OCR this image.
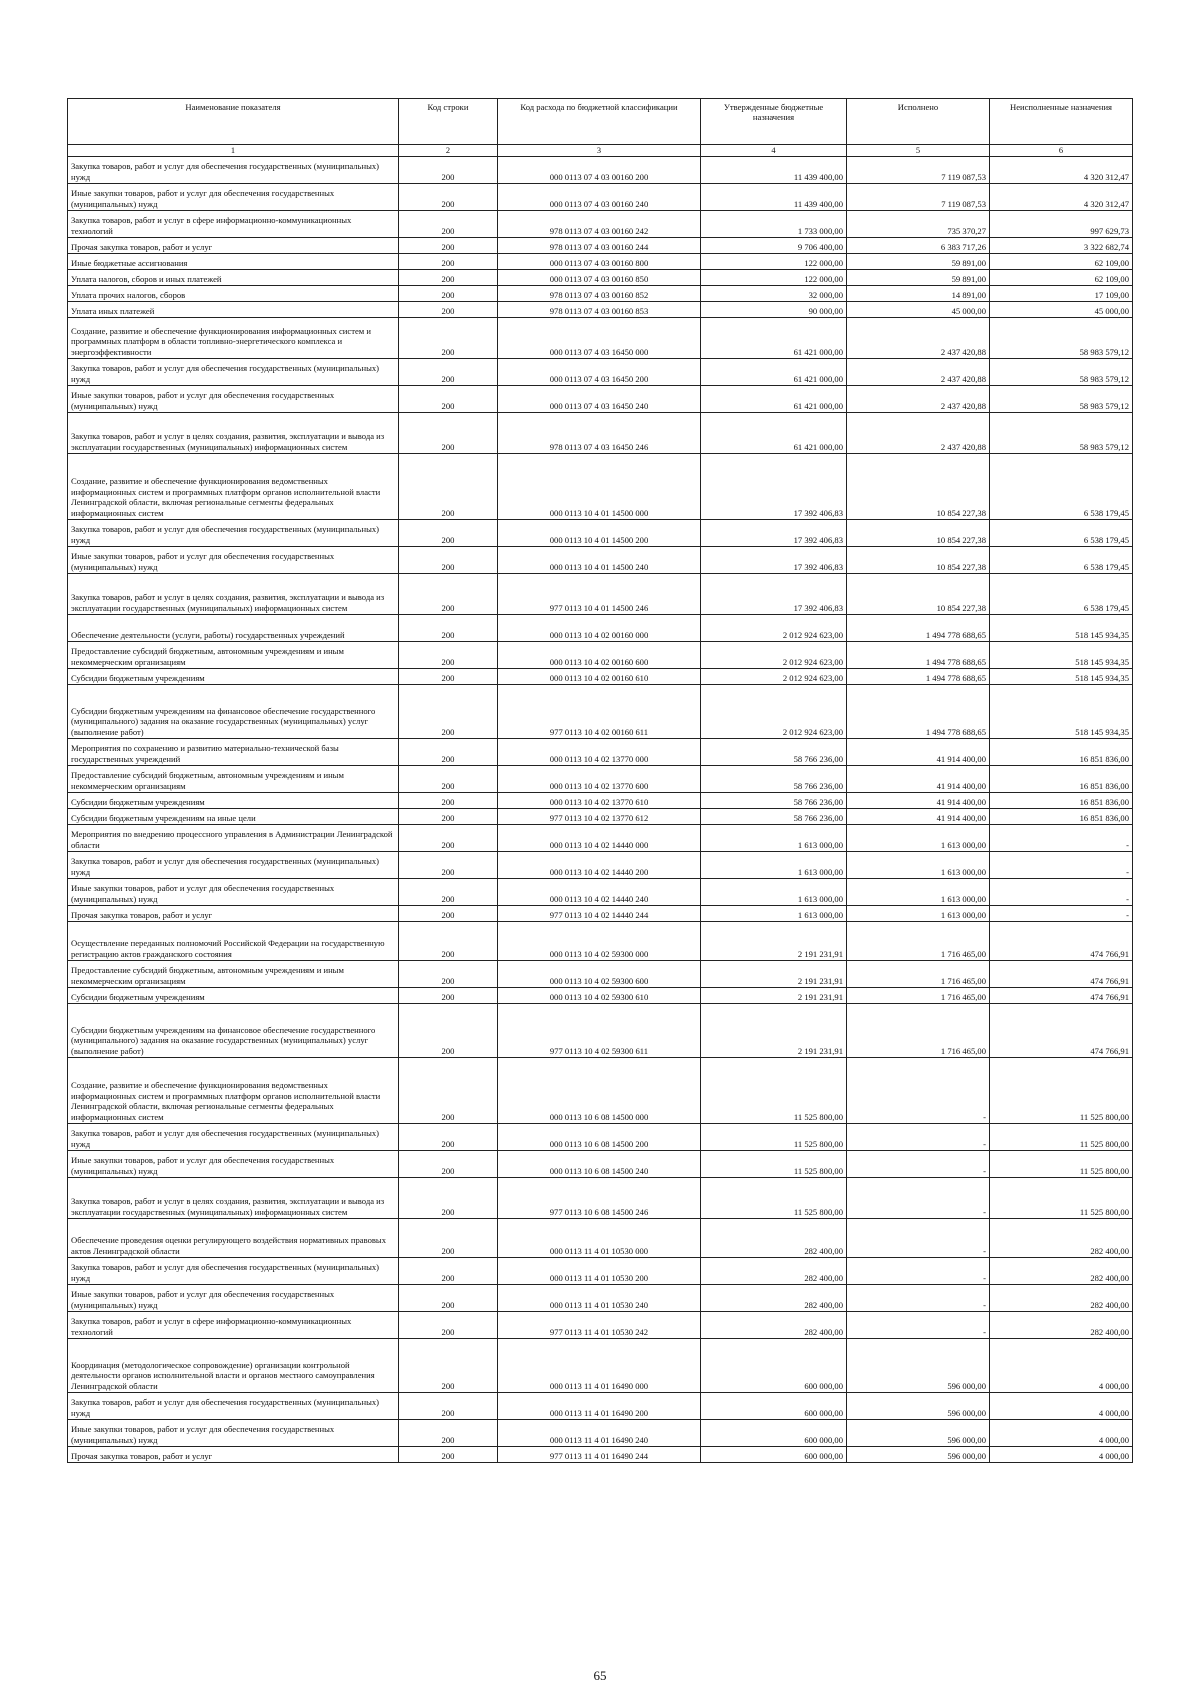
Наименование показателя	Код строки	Код расхода по бюджетной классификации	Утвержденные бюджетные назначения	Исполнено	Неисполненные назначения
1	2	3	4	5	6
Закупка товаров, работ и услуг для обеспечения государственных (муниципальных) нужд	200	000 0113 07 4 03 00160 200	11 439 400,00	7 119 087,53	4 320 312,47
Иные закупки товаров, работ и услуг для обеспечения государственных (муниципальных) нужд	200	000 0113 07 4 03 00160 240	11 439 400,00	7 119 087,53	4 320 312,47
Закупка товаров, работ и услуг в сфере информационно-коммуникационных технологий	200	978 0113 07 4 03 00160 242	1 733 000,00	735 370,27	997 629,73
Прочая закупка товаров, работ и услуг	200	978 0113 07 4 03 00160 244	9 706 400,00	6 383 717,26	3 322 682,74
Иные бюджетные ассигнования	200	000 0113 07 4 03 00160 800	122 000,00	59 891,00	62 109,00
Уплата налогов, сборов и иных платежей	200	000 0113 07 4 03 00160 850	122 000,00	59 891,00	62 109,00
Уплата прочих налогов, сборов	200	978 0113 07 4 03 00160 852	32 000,00	14 891,00	17 109,00
Уплата иных платежей	200	978 0113 07 4 03 00160 853	90 000,00	45 000,00	45 000,00
Создание, развитие и обеспечение функционирования информационных систем и программных платформ в области топливно-энергетического комплекса и энергоэффективности	200	000 0113 07 4 03 16450 000	61 421 000,00	2 437 420,88	58 983 579,12
Закупка товаров, работ и услуг для обеспечения государственных (муниципальных) нужд	200	000 0113 07 4 03 16450 200	61 421 000,00	2 437 420,88	58 983 579,12
Иные закупки товаров, работ и услуг для обеспечения государственных (муниципальных) нужд	200	000 0113 07 4 03 16450 240	61 421 000,00	2 437 420,88	58 983 579,12
Закупка товаров, работ и услуг в целях создания, развития, эксплуатации и вывода из эксплуатации государственных (муниципальных) информационных систем	200	978 0113 07 4 03 16450 246	61 421 000,00	2 437 420,88	58 983 579,12
Создание, развитие и обеспечение функционирования ведомственных информационных систем и программных платформ органов исполнительной власти Ленинградской области, включая региональные сегменты федеральных информационных систем	200	000 0113 10 4 01 14500 000	17 392 406,83	10 854 227,38	6 538 179,45
Закупка товаров, работ и услуг для обеспечения государственных (муниципальных) нужд	200	000 0113 10 4 01 14500 200	17 392 406,83	10 854 227,38	6 538 179,45
Иные закупки товаров, работ и услуг для обеспечения государственных (муниципальных) нужд	200	000 0113 10 4 01 14500 240	17 392 406,83	10 854 227,38	6 538 179,45
Закупка товаров, работ и услуг в целях создания, развития, эксплуатации и вывода из эксплуатации государственных (муниципальных) информационных систем	200	977 0113 10 4 01 14500 246	17 392 406,83	10 854 227,38	6 538 179,45
Обеспечение деятельности (услуги, работы) государственных учреждений	200	000 0113 10 4 02 00160 000	2 012 924 623,00	1 494 778 688,65	518 145 934,35
Предоставление субсидий бюджетным, автономным учреждениям и иным некоммерческим организациям	200	000 0113 10 4 02 00160 600	2 012 924 623,00	1 494 778 688,65	518 145 934,35
Субсидии бюджетным учреждениям	200	000 0113 10 4 02 00160 610	2 012 924 623,00	1 494 778 688,65	518 145 934,35
Субсидии бюджетным учреждениям на финансовое обеспечение государственного (муниципального) задания на оказание государственных (муниципальных) услуг (выполнение работ)	200	977 0113 10 4 02 00160 611	2 012 924 623,00	1 494 778 688,65	518 145 934,35
Мероприятия по сохранению и развитию материально-технической базы государственных учреждений	200	000 0113 10 4 02 13770 000	58 766 236,00	41 914 400,00	16 851 836,00
Предоставление субсидий бюджетным, автономным учреждениям и иным некоммерческим организациям	200	000 0113 10 4 02 13770 600	58 766 236,00	41 914 400,00	16 851 836,00
Субсидии бюджетным учреждениям	200	000 0113 10 4 02 13770 610	58 766 236,00	41 914 400,00	16 851 836,00
Субсидии бюджетным учреждениям на иные цели	200	977 0113 10 4 02 13770 612	58 766 236,00	41 914 400,00	16 851 836,00
Мероприятия по внедрению процессного управления в Администрации Ленинградской области	200	000 0113 10 4 02 14440 000	1 613 000,00	1 613 000,00	-
Закупка товаров, работ и услуг для обеспечения государственных (муниципальных) нужд	200	000 0113 10 4 02 14440 200	1 613 000,00	1 613 000,00	-
Иные закупки товаров, работ и услуг для обеспечения государственных (муниципальных) нужд	200	000 0113 10 4 02 14440 240	1 613 000,00	1 613 000,00	-
Прочая закупка товаров, работ и услуг	200	977 0113 10 4 02 14440 244	1 613 000,00	1 613 000,00	-
Осуществление переданных полномочий Российской Федерации на государственную регистрацию актов гражданского состояния	200	000 0113 10 4 02 59300 000	2 191 231,91	1 716 465,00	474 766,91
Предоставление субсидий бюджетным, автономным учреждениям и иным некоммерческим организациям	200	000 0113 10 4 02 59300 600	2 191 231,91	1 716 465,00	474 766,91
Субсидии бюджетным учреждениям	200	000 0113 10 4 02 59300 610	2 191 231,91	1 716 465,00	474 766,91
Субсидии бюджетным учреждениям на финансовое обеспечение государственного (муниципального) задания на оказание государственных (муниципальных) услуг (выполнение работ)	200	977 0113 10 4 02 59300 611	2 191 231,91	1 716 465,00	474 766,91
Создание, развитие и обеспечение функционирования ведомственных информационных систем и программных платформ органов исполнительной власти Ленинградской области, включая региональные сегменты федеральных информационных систем	200	000 0113 10 6 08 14500 000	11 525 800,00	-	11 525 800,00
Закупка товаров, работ и услуг для обеспечения государственных (муниципальных) нужд	200	000 0113 10 6 08 14500 200	11 525 800,00	-	11 525 800,00
Иные закупки товаров, работ и услуг для обеспечения государственных (муниципальных) нужд	200	000 0113 10 6 08 14500 240	11 525 800,00	-	11 525 800,00
Закупка товаров, работ и услуг в целях создания, развития, эксплуатации и вывода из эксплуатации государственных (муниципальных) информационных систем	200	977 0113 10 6 08 14500 246	11 525 800,00	-	11 525 800,00
Обеспечение проведения оценки регулирующего воздействия нормативных правовых актов Ленинградской области	200	000 0113 11 4 01 10530 000	282 400,00	-	282 400,00
Закупка товаров, работ и услуг для обеспечения государственных (муниципальных) нужд	200	000 0113 11 4 01 10530 200	282 400,00	-	282 400,00
Иные закупки товаров, работ и услуг для обеспечения государственных (муниципальных) нужд	200	000 0113 11 4 01 10530 240	282 400,00	-	282 400,00
Закупка товаров, работ и услуг в сфере информационно-коммуникационных технологий	200	977 0113 11 4 01 10530 242	282 400,00	-	282 400,00
Координация (методологическое сопровождение) организации контрольной деятельности органов исполнительной власти и органов местного самоуправления Ленинградской области	200	000 0113 11 4 01 16490 000	600 000,00	596 000,00	4 000,00
Закупка товаров, работ и услуг для обеспечения государственных (муниципальных) нужд	200	000 0113 11 4 01 16490 200	600 000,00	596 000,00	4 000,00
Иные закупки товаров, работ и услуг для обеспечения государственных (муниципальных) нужд	200	000 0113 11 4 01 16490 240	600 000,00	596 000,00	4 000,00
Прочая закупка товаров, работ и услуг	200	977 0113 11 4 01 16490 244	600 000,00	596 000,00	4 000,00
65
